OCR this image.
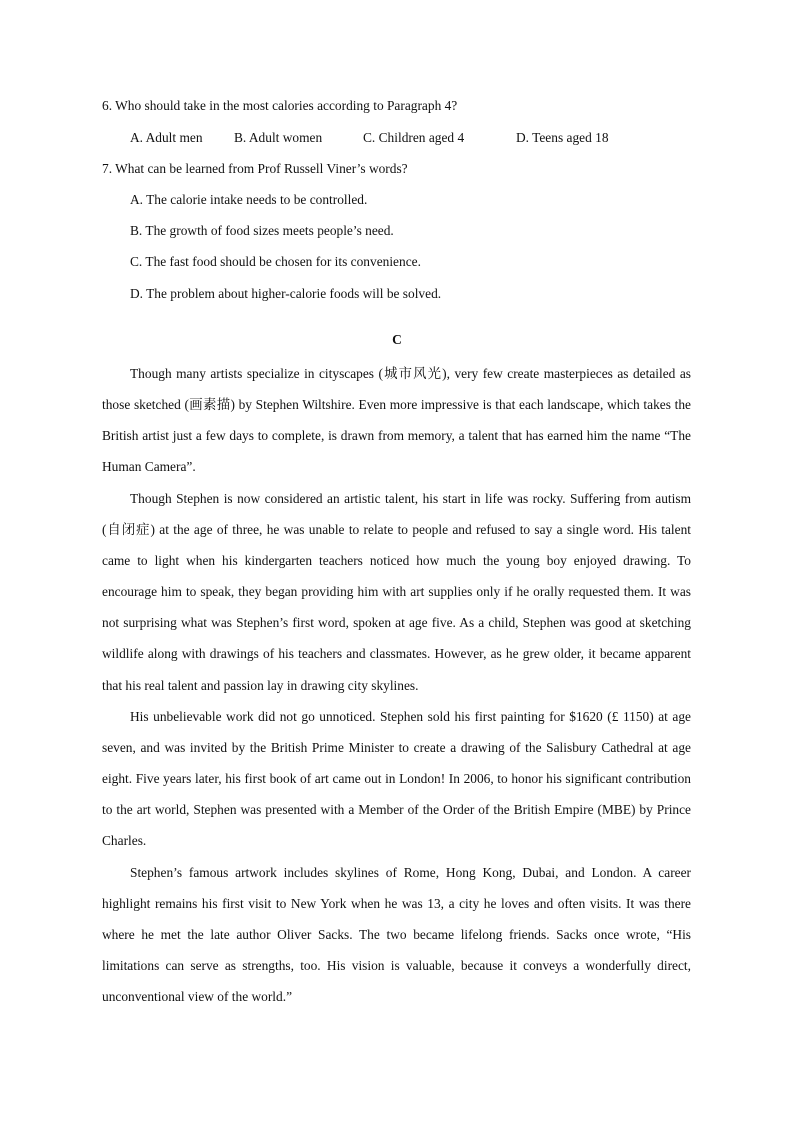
6. Who should take in the most calories according to Paragraph 4?
A. Adult men B. Adult women	C. Children aged 4	D. Teens aged 18
7. What can be learned from Prof Russell Viner’s words?
A. The calorie intake needs to be controlled.
B. The growth of food sizes meets people’s need.
C. The fast food should be chosen for its convenience.
D. The problem about higher-calorie foods will be solved.
C

Though many artists specialize in cityscapes (城市风光), very few create masterpieces as detailed as those sketched (画素描) by Stephen Wiltshire. Even more impressive is that each landscape, which takes the British artist just a few days to complete, is drawn from memory, a talent that has earned him the name “The Human Camera”.

Though Stephen is now considered an artistic talent, his start in life was rocky. Suffering from autism (自闭症) at the age of three, he was unable to relate to people and refused to say a single word. His talent came to light when his kindergarten teachers noticed how much the young boy enjoyed drawing. To encourage him to speak, they began providing him with art supplies only if he orally requested them. It was not surprising what was Stephen’s first word, spoken at age five. As a child, Stephen was good at sketching wildlife along with drawings of his teachers and classmates. However, as he grew older, it became apparent that his real talent and passion lay in drawing city skylines.

His unbelievable work did not go unnoticed. Stephen sold his first painting for $1620 (£ 1150) at age seven, and was invited by the British Prime Minister to create a drawing of the Salisbury Cathedral at age eight. Five years later, his first book of art came out in London! In 2006, to honor his significant contribution to the art world, Stephen was presented with a Member of the Order of the British Empire (MBE) by Prince Charles.

Stephen’s famous artwork includes skylines of Rome, Hong Kong, Dubai, and London. A career highlight remains his first visit to New York when he was 13, a city he loves and often visits. It was there where he met the late author Oliver Sacks. The two became lifelong friends. Sacks once wrote, “His limitations can serve as strengths, too. His vision is valuable, because it conveys a wonderfully direct, unconventional view of the world.”
